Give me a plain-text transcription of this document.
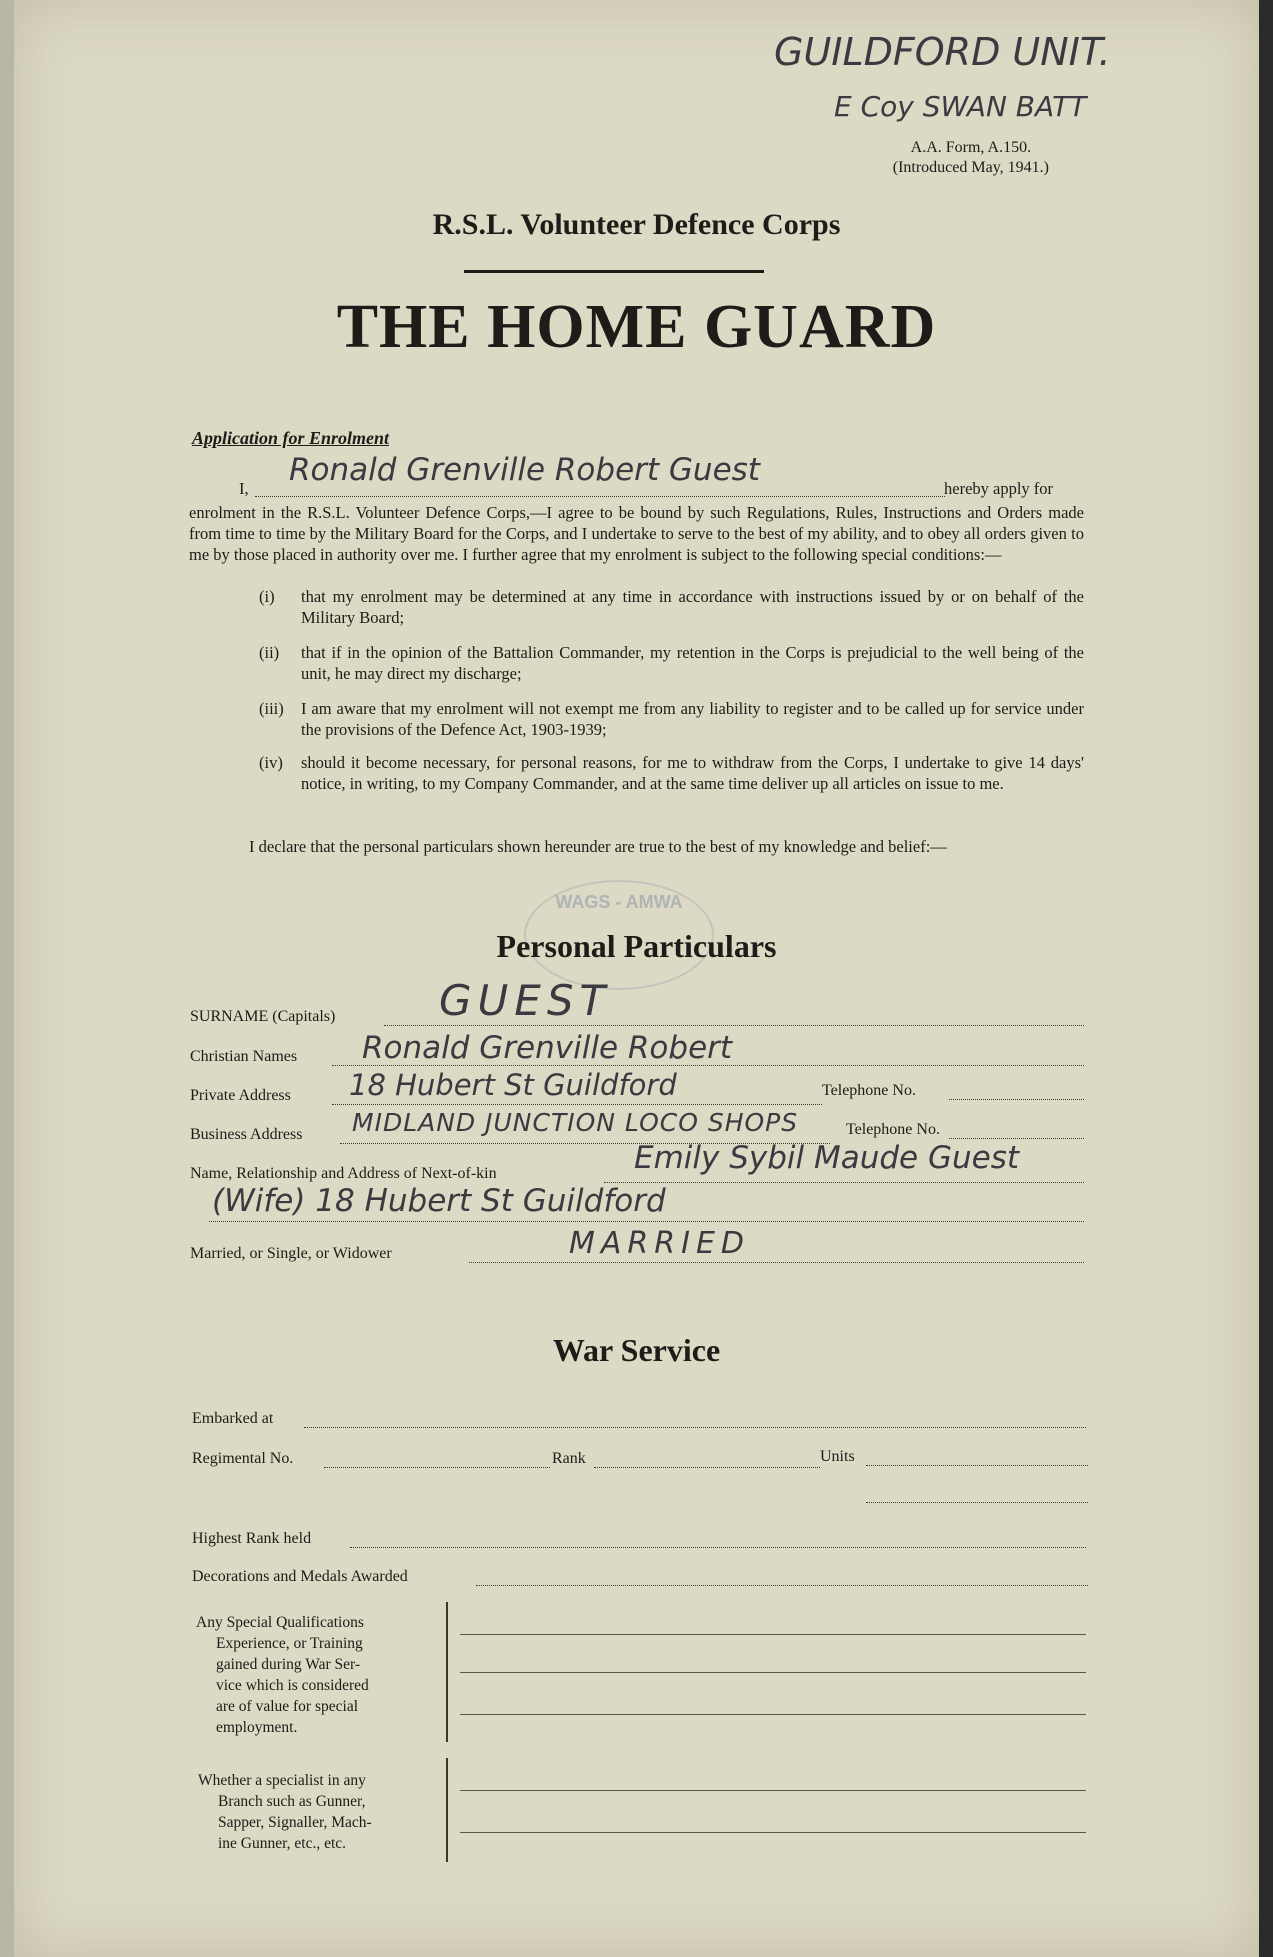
GUILDFORD UNIT.
E Coy SWAN BATT
A.A. Form, A.150.
(Introduced May, 1941.)
R.S.L. Volunteer Defence Corps
THE HOME GUARD
Application for Enrolment
I,
Ronald Grenville Robert Guest
hereby apply for
enrolment in the R.S.L. Volunteer Defence Corps,—I agree to be bound by such Regulations, Rules, Instructions and Orders made from time to time by the Military Board for the Corps, and I undertake to serve to the best of my ability, and to obey all orders given to me by those placed in authority over me. I further agree that my enrolment is subject to the following special conditions:—
(i) that my enrolment may be determined at any time in accordance with instructions issued by or on behalf of the Military Board;
(ii) that if in the opinion of the Battalion Commander, my retention in the Corps is prejudicial to the well being of the unit, he may direct my discharge;
(iii) I am aware that my enrolment will not exempt me from any liability to register and to be called up for service under the provisions of the Defence Act, 1903-1939;
(iv) should it become necessary, for personal reasons, for me to withdraw from the Corps, I undertake to give 14 days' notice, in writing, to my Company Commander, and at the same time deliver up all articles on issue to me.
I declare that the personal particulars shown hereunder are true to the best of my knowledge and belief:—
WAGS - AMWA
Personal Particulars
SURNAME (Capitals) GUEST
Christian Names Ronald Grenville Robert
Private Address 18 Hubert St Guildford	Telephone No.
Business Address MIDLAND JUNCTION LOCO SHOPS	Telephone No.
Name, Relationship and Address of Next-of-kin	Emily Sybil Maude Guest
(Wife) 18 Hubert St Guildford
Married, or Single, or Widower	MARRIED
War Service
Embarked at
Regimental No.	Rank	Units
Highest Rank held
Decorations and Medals Awarded
Any Special Qualifications
Experience, or Training
gained during War Ser-
vice which is considered
are of value for special
employment.
Whether a specialist in any
Branch such as Gunner,
Sapper, Signaller, Mach-
ine Gunner, etc., etc.
